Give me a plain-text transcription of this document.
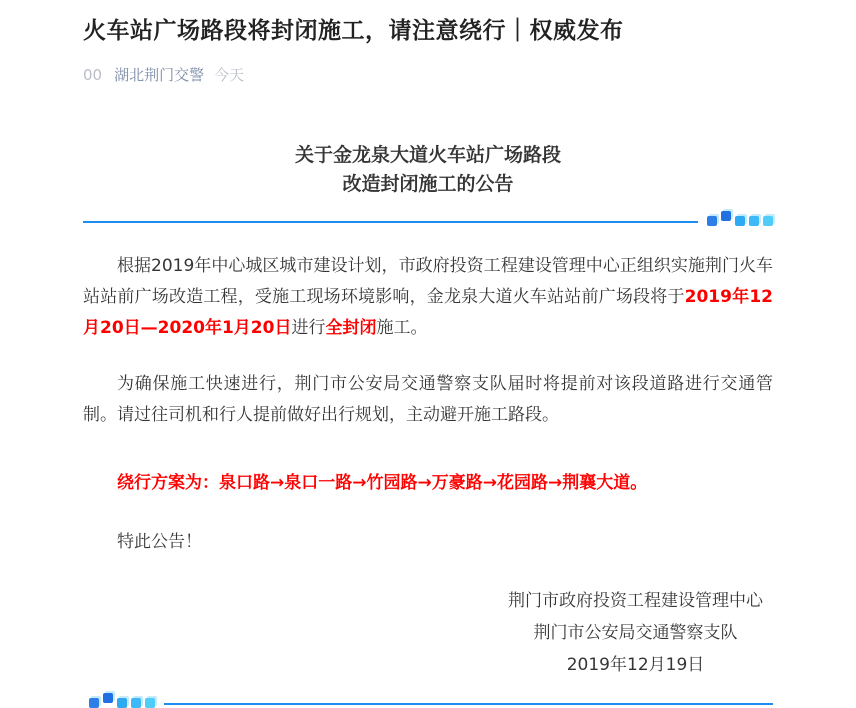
火车站广场路段将封闭施工，请注意绕行｜权威发布
00 湖北荆门交警 今天
关于金龙泉大道火车站广场路段
改造封闭施工的公告

根据2019年中心城区城市建设计划，市政府投资工程建设管理中心正组织实施荆门火车站站前广场改造工程，受施工现场环境影响，金龙泉大道火车站站前广场段将于2019年12月20日—2020年1月20日进行全封闭施工。

为确保施工快速进行，荆门市公安局交通警察支队届时将提前对该段道路进行交通管制。请过往司机和行人提前做好出行规划，主动避开施工路段。

绕行方案为：泉口路→泉口一路→竹园路→万豪路→花园路→荆襄大道。

特此公告！

荆门市政府投资工程建设管理中心
荆门市公安局交通警察支队
2019年12月19日
